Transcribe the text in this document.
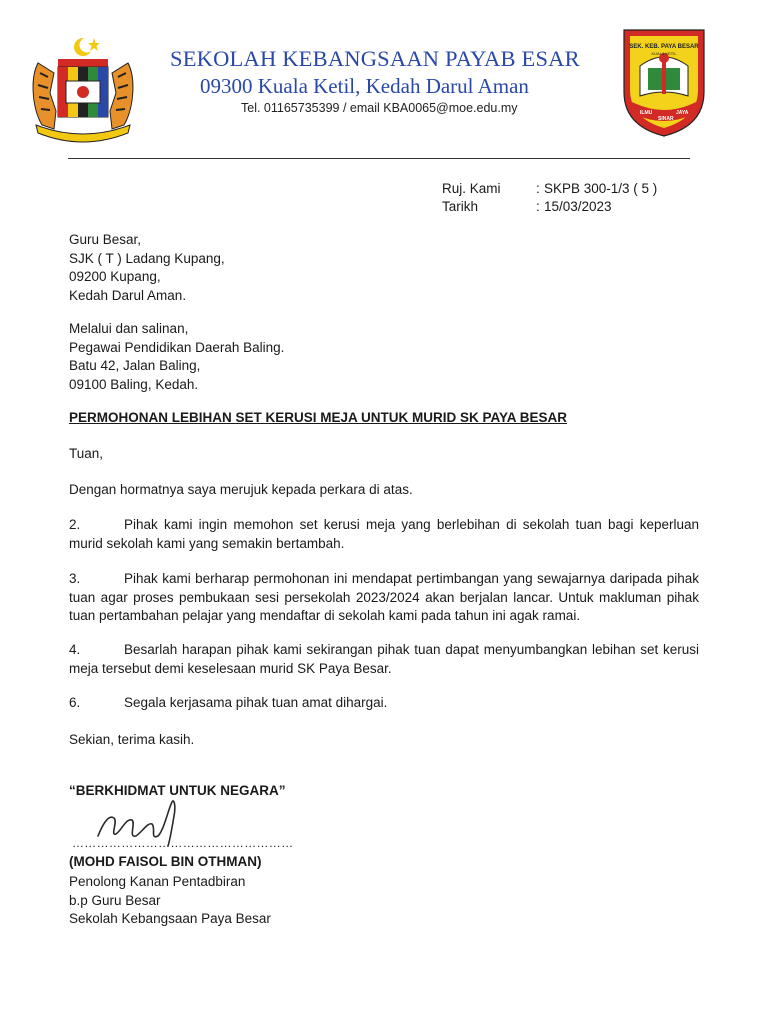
SEKOLAH KEBANGSAAN PAYAB ESAR
09300 Kuala Ketil, Kedah Darul Aman
Tel. 01165735399 / email KBA0065@moe.edu.my
SEK. KEB. PAYA BESAR
KUALA KETIL
ILMU
SINAR
JAYA
Ruj. Kami	: SKPB 300-1/3 ( 5 )
Tarikh	: 15/03/2023
Guru Besar,
SJK ( T ) Ladang Kupang,
09200 Kupang,
Kedah Darul Aman.
Melalui dan salinan,
Pegawai Pendidikan Daerah Baling.
Batu 42, Jalan Baling,
09100 Baling, Kedah.
PERMOHONAN LEBIHAN SET KERUSI MEJA UNTUK MURID SK PAYA BESAR
Tuan,
Dengan hormatnya saya merujuk kepada perkara di atas.
2.	Pihak kami ingin memohon set kerusi meja yang berlebihan di sekolah tuan bagi keperluan murid sekolah kami yang semakin bertambah.
3.	Pihak kami berharap permohonan ini mendapat pertimbangan yang sewajarnya daripada pihak tuan agar proses pembukaan sesi persekolah 2023/2024 akan berjalan lancar. Untuk makluman pihak tuan pertambahan pelajar yang mendaftar di sekolah kami pada tahun ini agak ramai.
4.	Besarlah harapan pihak kami sekirangan pihak tuan dapat menyumbangkan lebihan set kerusi meja tersebut demi keselesaan murid SK Paya Besar.
6.	Segala kerjasama pihak tuan amat dihargai.
Sekian, terima kasih.
“BERKHIDMAT UNTUK NEGARA”
………………………………………………
(MOHD FAISOL BIN OTHMAN)
Penolong Kanan Pentadbiran
b.p Guru Besar
Sekolah Kebangsaan Paya Besar
